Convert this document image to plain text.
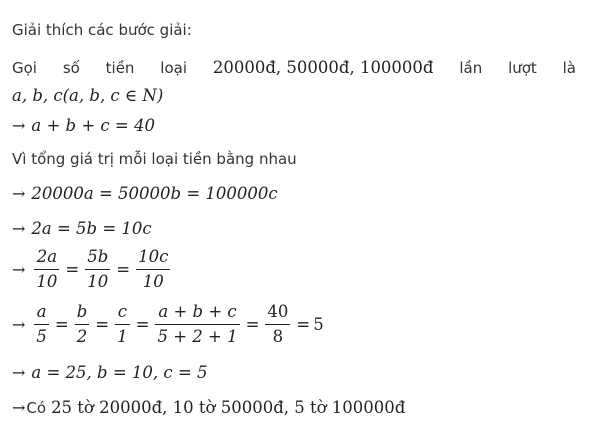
Giải thích các bước giải:
Gọi số tiền loại 20000đ, 50000đ, 100000đ lần lượt là
a, b, c(a, b, c ∈ N)
→ a + b + c = 40
Vì tổng giá trị mỗi loại tiền bằng nhau
→ 20000a = 50000b = 100000c
→ 2a = 5b = 10c
→ $\frac{2a}{10} = \frac{5b}{10} = \frac{10c}{10}$
→ $\frac{a}{5} = \frac{b}{2} = \frac{c}{1} = \frac{a + b + c}{5 + 2 + 1} = \frac{40}{8} = 5$
→ a = 25, b = 10, c = 5
→Có 25 tờ 20000đ, 10 tờ 50000đ, 5 tờ 100000đ
